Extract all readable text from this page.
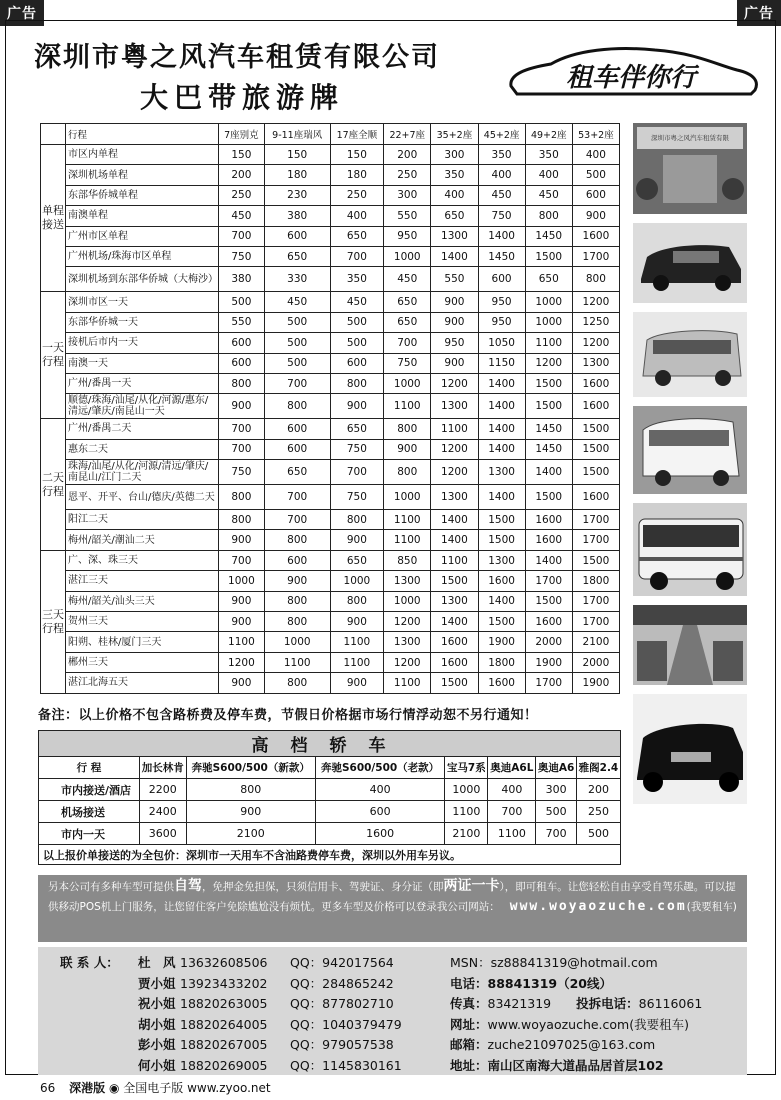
广告	广告
深圳市粤之风汽车租赁有限公司
大巴带旅游牌
租车伴你行
	行程	7座别克	9-11座瑞风	17座全顺	22+7座	35+2座	45+2座	49+2座	53+2座
单程接送	市区内单程	150	150	150	200	300	350	350	400
	深圳机场单程	200	180	180	250	350	400	400	500
	东部华侨城单程	250	230	250	300	400	450	450	600
	南澳单程	450	380	400	550	650	750	800	900
	广州市区单程	700	600	650	950	1300	1400	1450	1600
	广州机场/珠海市区单程	750	650	700	1000	1400	1450	1500	1700
	深圳机场到东部华侨城（大梅沙）	380	330	350	450	550	600	650	800
一天行程	深圳市区一天	500	450	450	650	900	950	1000	1200
	东部华侨城一天	550	500	500	650	900	950	1000	1250
	接机后市内一天	600	500	500	700	950	1050	1100	1200
	南澳一天	600	500	600	750	900	1150	1200	1300
	广州/番禺一天	800	700	800	1000	1200	1400	1500	1600
	顺德/珠海/汕尾/从化/河源/惠东/清远/肇庆/南昆山一天	900	800	900	1100	1300	1400	1500	1600
二天行程	广州/番禺二天	700	600	650	800	1100	1400	1450	1500
	惠东二天	700	600	750	900	1200	1400	1450	1500
	珠海/汕尾/从化/河源/清远/肇庆/南昆山/江门二天	750	650	700	800	1200	1300	1400	1500
	恩平、开平、台山/德庆/英德二天	800	700	750	1000	1300	1400	1500	1600
	阳江二天	800	700	800	1100	1400	1500	1600	1700
	梅州/韶关/潮汕二天	900	800	900	1100	1400	1500	1600	1700
三天行程	广、深、珠三天	700	600	650	850	1100	1300	1400	1500
	湛江三天	1000	900	1000	1300	1500	1600	1700	1800
	梅州/韶关/汕头三天	900	800	800	1000	1300	1400	1500	1700
	贺州三天	900	800	900	1200	1400	1500	1600	1700
	阳朔、桂林/厦门三天	1100	1000	1100	1300	1600	1900	2000	2100
	郴州三天	1200	1100	1100	1200	1600	1800	1900	2000
	湛江北海五天	900	800	900	1100	1500	1600	1700	1900
备注：以上价格不包含路桥费及停车费，节假日价格据市场行情浮动恕不另行通知！
高档轿车							
行 程	加长林肯	奔驰S600/500（新款）	奔驰S600/500（老款）	宝马7系	奥迪A6L	奥迪A6	雅阁2.4
市内接送/酒店	2200	800	400	1000	400	300	200
机场接送	2400	900	600	1100	700	500	250
市内一天	3600	2100	1600	2100	1100	700	500
以上报价单接送的为全包价：深圳市一天用车不含油路费停车费，深圳以外用车另议。							
深圳市粤之风汽车租赁有限
另本公司有多种车型可提供自驾，免押金免担保，只须信用卡、驾驶证、身分证（即两证一卡），即可租车。让您轻松自由享受自驾乐趣。可以提供移动POS机上门服务，让您留住客户免除尴尬没有烦忧。更多车型及价格可以登录我公司网站： www.woyaozuche.com(我要租车)
联 系 人： 杜　风 13632608506 QQ：942017564
贾小姐 13923433202 QQ：284865242
祝小姐 18820263005 QQ：877802710
胡小姐 18820264005 QQ：1040379479
彭小姐 18820267005 QQ：979057538
何小姐 18820269005 QQ：1145830161
MSN：sz88841319@hotmail.com
电话：88841319（20线）
传真：83421319　　 投拆电话：86116061
网址：www.woyaozuche.com(我要租车)
邮箱：zuche21097025@163.com
地址：南山区南海大道晶品居首层102
66 深港版 ◉ 全国电子版 www.zyoo.net
